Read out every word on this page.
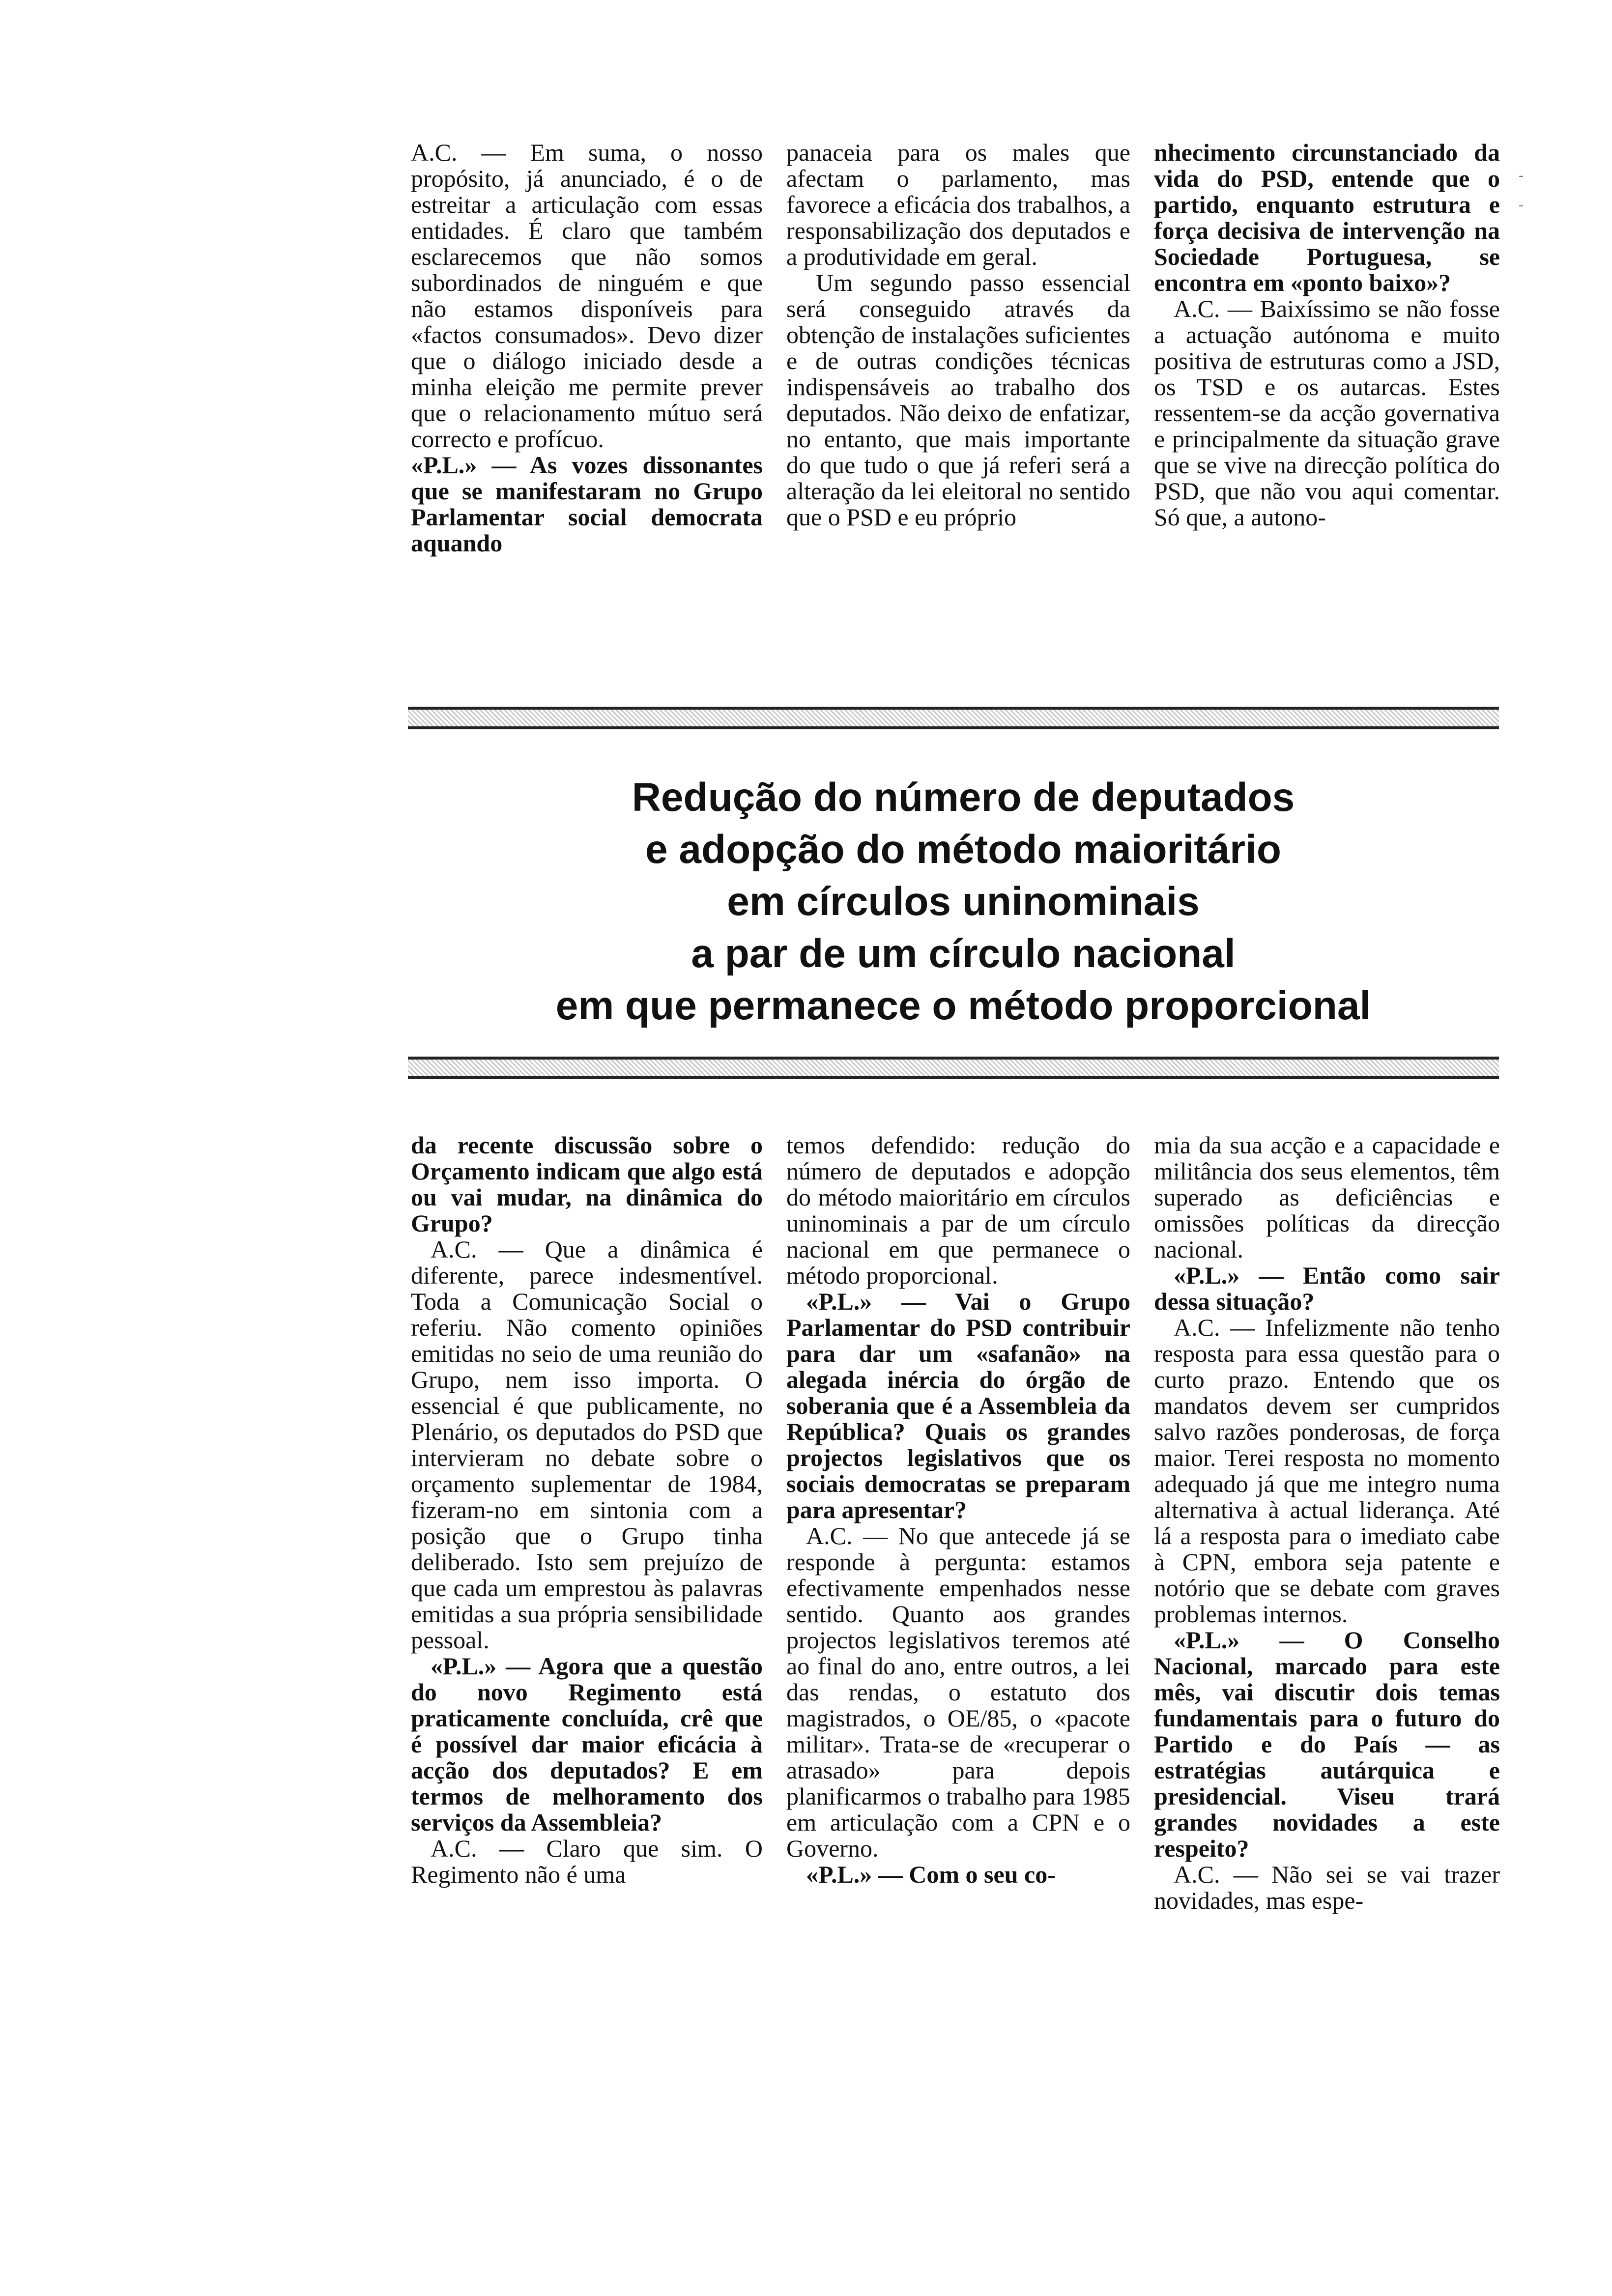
A.C. — Em suma, o nosso propósito, já anunciado, é o de estreitar a articulação com essas entidades. É claro que também esclarecemos que não somos subordinados de ninguém e que não estamos disponíveis para «factos consumados». Devo dizer que o diálogo iniciado desde a minha eleição me permite prever que o relacionamento mútuo será correcto e profícuo.

«P.L.» — As vozes dissonantes que se manifestaram no Grupo Parlamentar social democrata aquando

panaceia para os males que afectam o parlamento, mas favorece a eficácia dos trabalhos, a responsabilização dos deputados e a produtividade em geral.

Um segundo passo essencial será conseguido através da obtenção de instalações suficientes e de outras condições técnicas indispensáveis ao trabalho dos deputados. Não deixo de enfatizar, no entanto, que mais importante do que tudo o que já referi será a alteração da lei eleitoral no sentido que o PSD e eu próprio

nhecimento circunstanciado da vida do PSD, entende que o partido, enquanto estrutura e força decisiva de intervenção na Sociedade Portuguesa, se encontra em «ponto baixo»?

A.C. — Baixíssimo se não fosse a actuação autónoma e muito positiva de estruturas como a JSD, os TSD e os autarcas. Estes ressentem-se da acção governativa e principalmente da situação grave que se vive na direcção política do PSD, que não vou aqui comentar. Só que, a autono-

Redução do número de deputados
e adopção do método maioritário
em círculos uninominais
a par de um círculo nacional
em que permanece o método proporcional

da recente discussão sobre o Orçamento indicam que algo está ou vai mudar, na dinâmica do Grupo?

A.C. — Que a dinâmica é diferente, parece indesmentível. Toda a Comunicação Social o referiu. Não comento opiniões emitidas no seio de uma reunião do Grupo, nem isso importa. O essencial é que publicamente, no Plenário, os deputados do PSD que intervieram no debate sobre o orçamento suplementar de 1984, fizeram-no em sintonia com a posição que o Grupo tinha deliberado. Isto sem prejuízo de que cada um emprestou às palavras emitidas a sua própria sensibilidade pessoal.

«P.L.» — Agora que a questão do novo Regimento está praticamente concluída, crê que é possível dar maior eficácia à acção dos deputados? E em termos de melhoramento dos serviços da Assembleia?

A.C. — Claro que sim. O Regimento não é uma

temos defendido: redução do número de deputados e adopção do método maioritário em círculos uninominais a par de um círculo nacional em que permanece o método proporcional.

«P.L.» — Vai o Grupo Parlamentar do PSD contribuir para dar um «safanão» na alegada inércia do órgão de soberania que é a Assembleia da República? Quais os grandes projectos legislativos que os sociais democratas se preparam para apresentar?

A.C. — No que antecede já se responde à pergunta: estamos efectivamente empenhados nesse sentido. Quanto aos grandes projectos legislativos teremos até ao final do ano, entre outros, a lei das rendas, o estatuto dos magistrados, o OE/85, o «pacote militar». Trata-se de «recuperar o atrasado» para depois planificarmos o trabalho para 1985 em articulação com a CPN e o Governo.

«P.L.» — Com o seu co-

mia da sua acção e a capacidade e militância dos seus elementos, têm superado as deficiências e omissões políticas da direcção nacional.

«P.L.» — Então como sair dessa situação?

A.C. — Infelizmente não tenho resposta para essa questão para o curto prazo. Entendo que os mandatos devem ser cumpridos salvo razões ponderosas, de força maior. Terei resposta no momento adequado já que me integro numa alternativa à actual liderança. Até lá a resposta para o imediato cabe à CPN, embora seja patente e notório que se debate com graves problemas internos.

«P.L.» — O Conselho Nacional, marcado para este mês, vai discutir dois temas fundamentais para o futuro do Partido e do País — as estratégias autárquica e presidencial. Viseu trará grandes novidades a este respeito?

A.C. — Não sei se vai trazer novidades, mas espe-

-
-
